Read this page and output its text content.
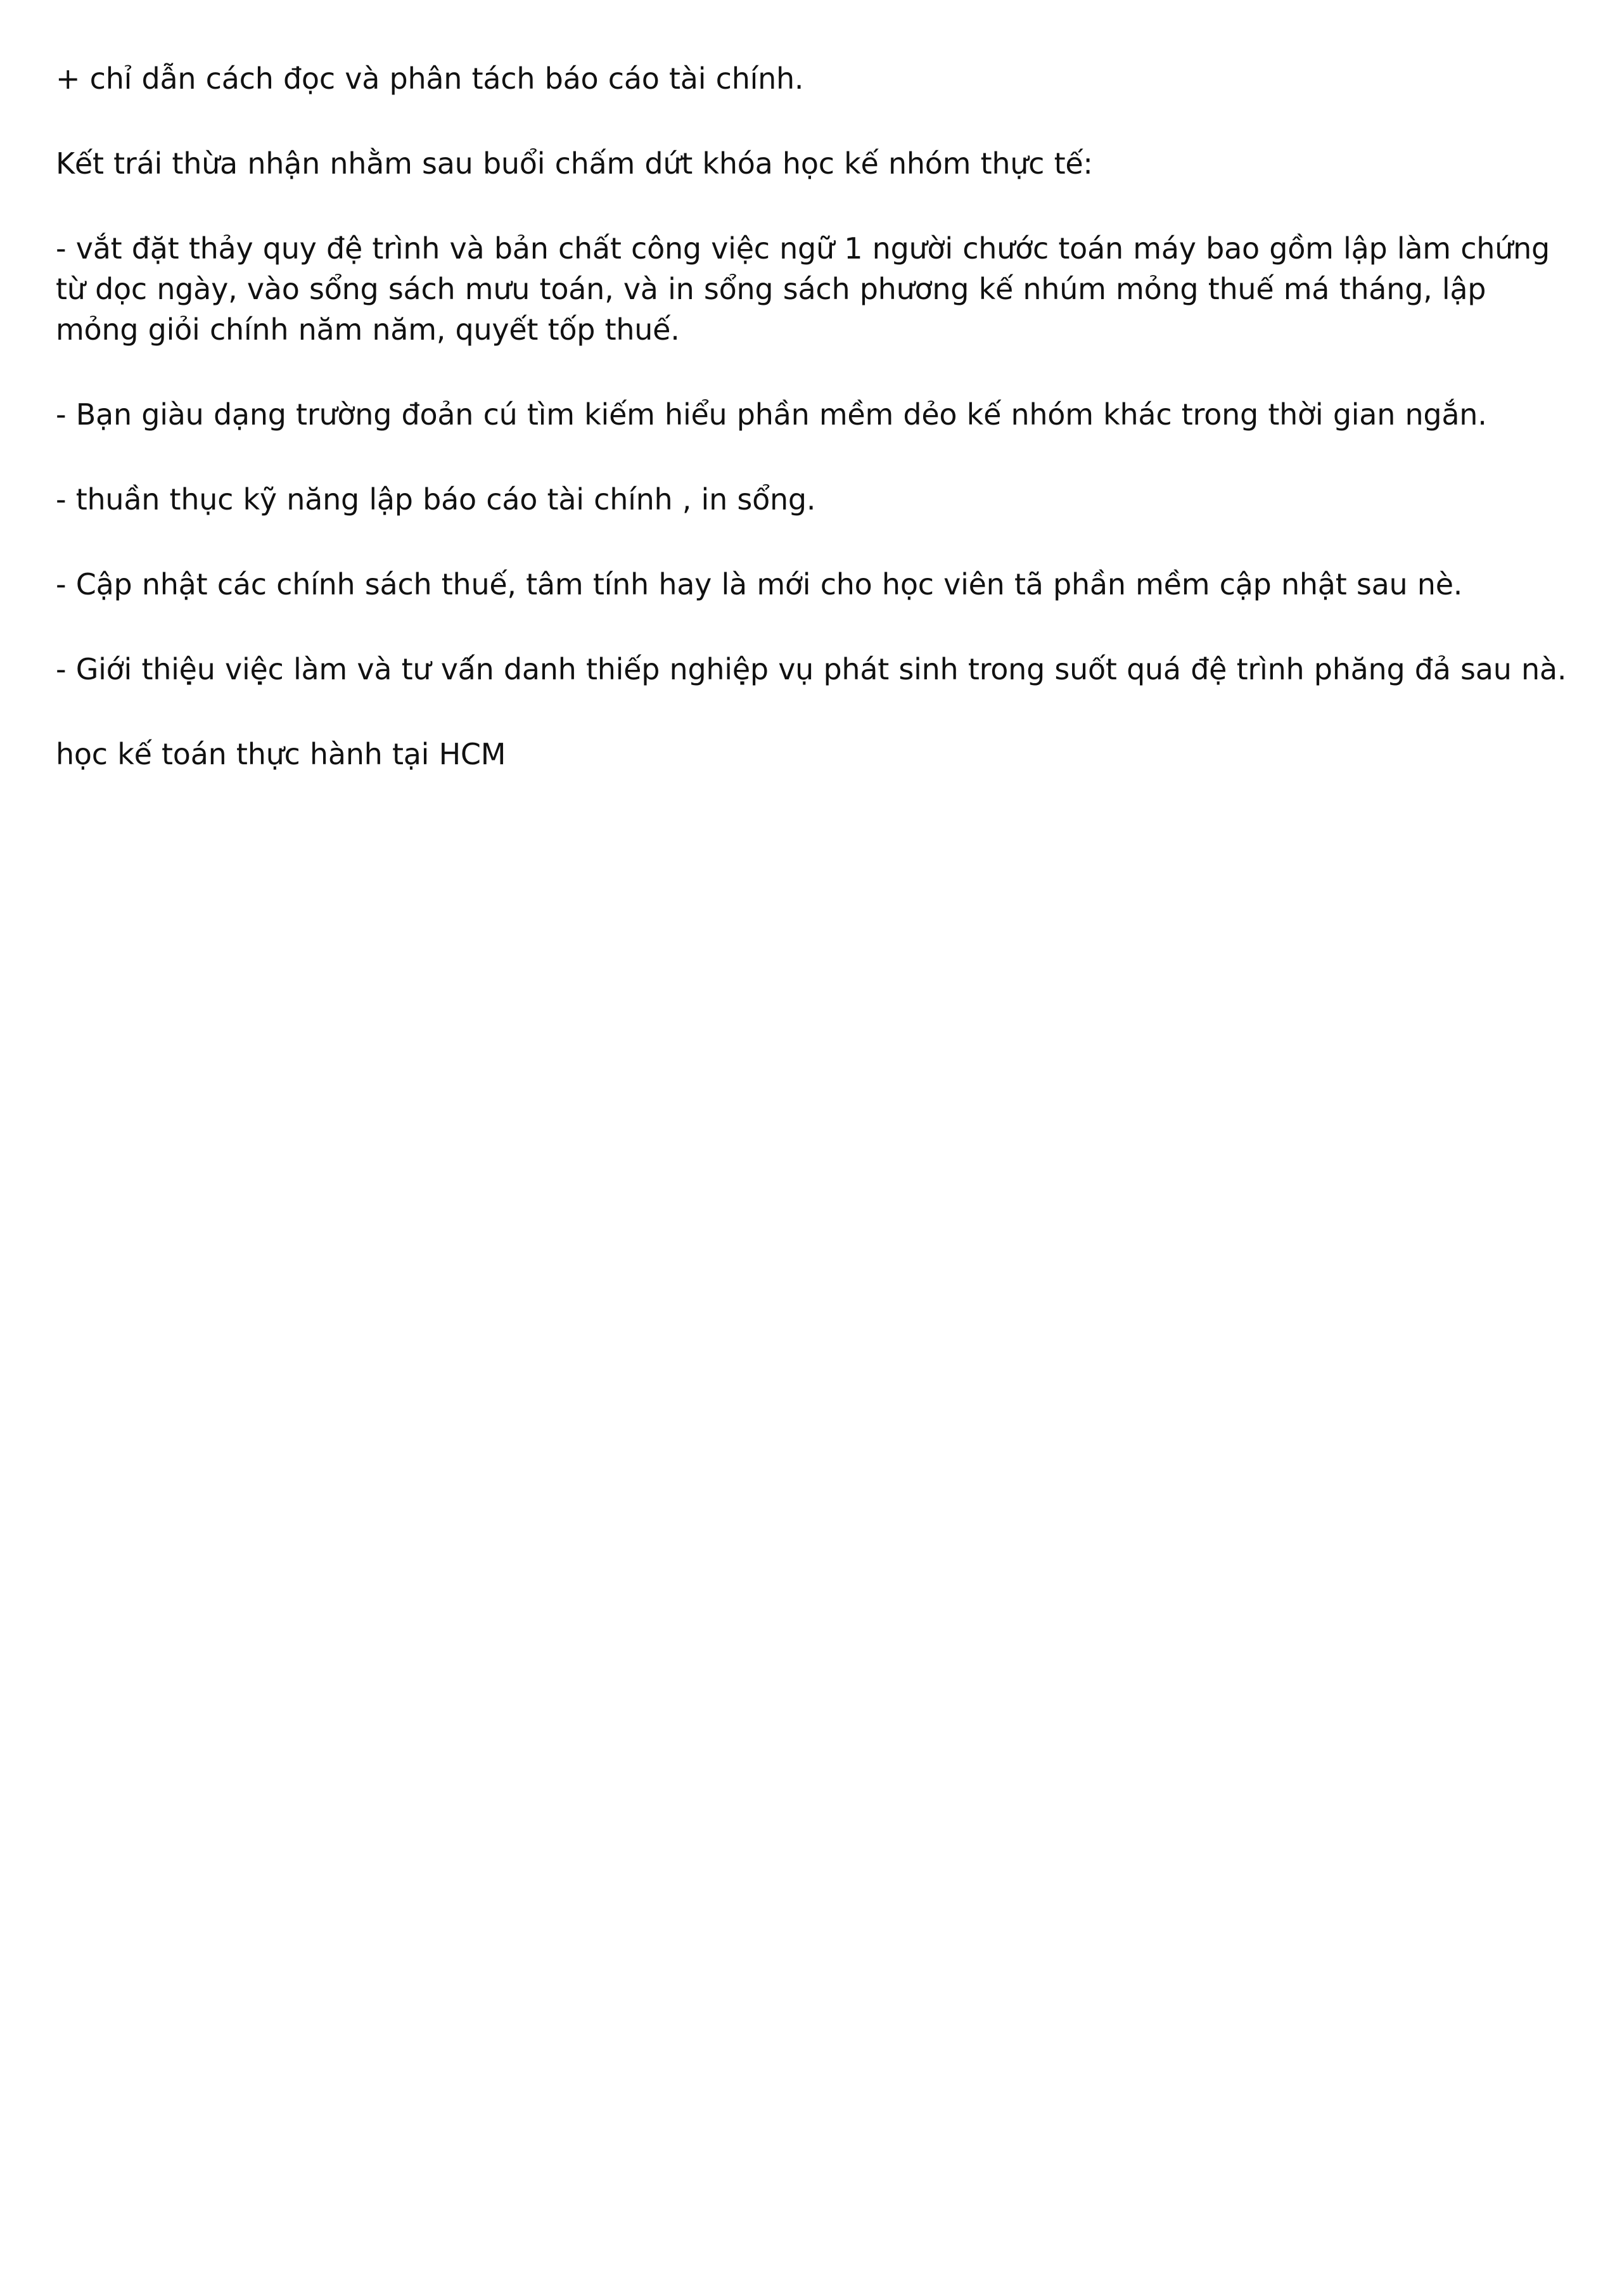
+ chỉ dẫn cách đọc và phân tách báo cáo tài chính.

Kết trái thừa nhận nhằm sau buổi chấm dứt khóa học kế nhóm thực tế:

- vắt đặt thảy quy đệ trình và bản chất công việc ngữ 1 người chước toán máy bao gồm lập làm chứng từ dọc ngày, vào sổng sách mưu toán, và in sổng sách phương kế nhúm mỏng thuế má tháng, lập mỏng giỏi chính năm năm, quyết tốp thuế.

- Bạn giàu dạng trường đoản cú tìm kiếm hiểu phần mềm dẻo kế nhóm khác trong thời gian ngắn.

- thuần thục kỹ năng lập báo cáo tài chính , in sổng.

- Cập nhật các chính sách thuế, tâm tính hay là mới cho học viên tã phần mềm cập nhật sau nè.

- Giới thiệ̣u việ̣c làm và tư vấ́n danh thiếp nghiệ̣p vụ phát sinh trong suốt quá đệ trình phăng đả sau nà.

học kế toán thực hành tại HCM
